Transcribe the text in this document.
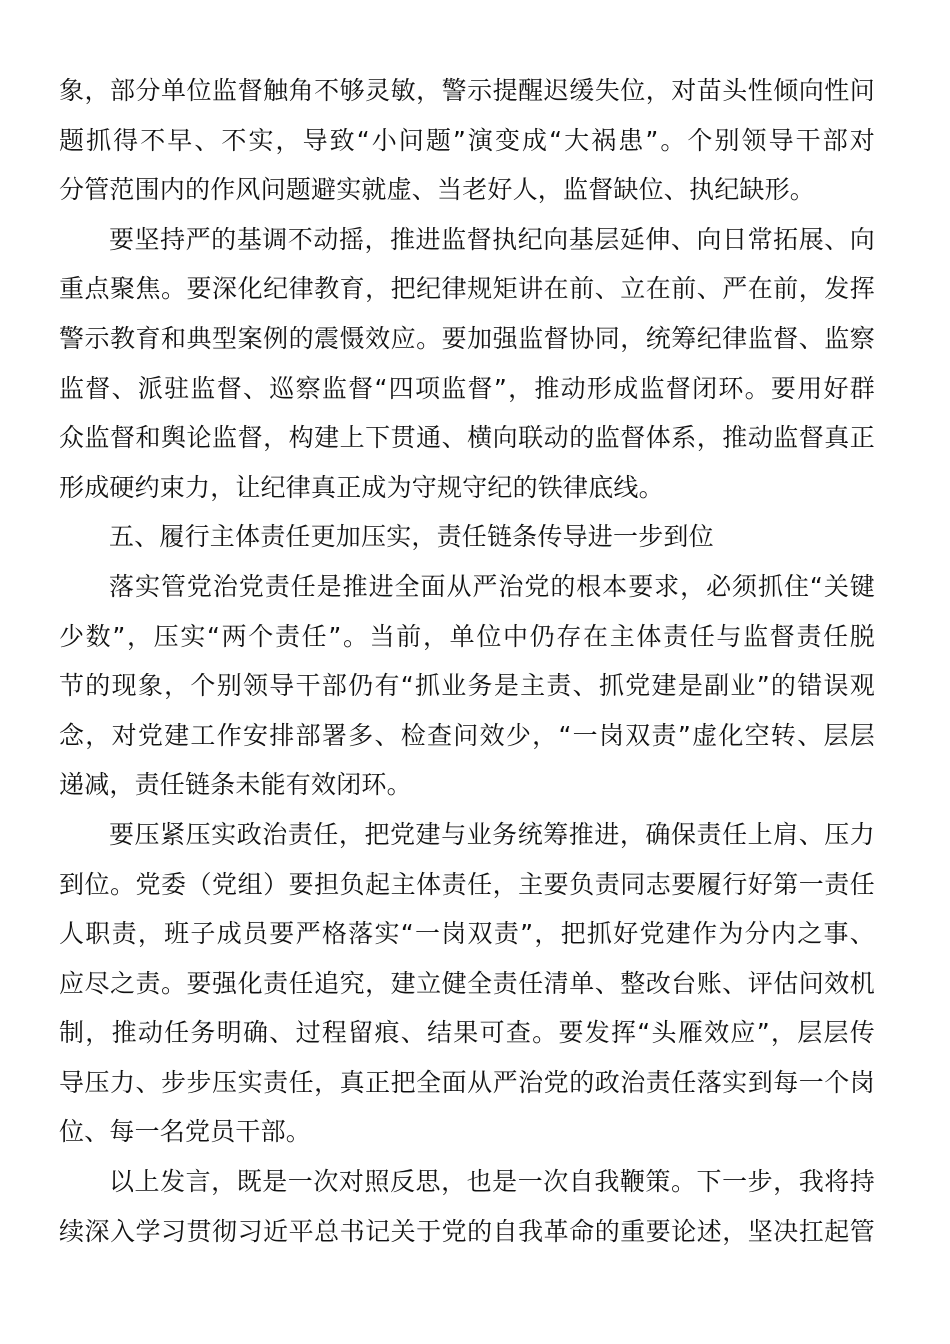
象，部分单位监督触角不够灵敏，警示提醒迟缓失位，对苗头性倾向性问
题抓得不早、不实，导致“小问题”演变成“大祸患”。个别领导干部对
分管范围内的作风问题避实就虚、当老好人，监督缺位、执纪缺形。
要坚持严的基调不动摇，推进监督执纪向基层延伸、向日常拓展、向
重点聚焦。要深化纪律教育，把纪律规矩讲在前、立在前、严在前，发挥
警示教育和典型案例的震慑效应。要加强监督协同，统筹纪律监督、监察
监督、派驻监督、巡察监督“四项监督”，推动形成监督闭环。要用好群
众监督和舆论监督，构建上下贯通、横向联动的监督体系，推动监督真正
形成硬约束力，让纪律真正成为守规守纪的铁律底线。
五、履行主体责任更加压实，责任链条传导进一步到位
落实管党治党责任是推进全面从严治党的根本要求，必须抓住“关键
少数”，压实“两个责任”。当前，单位中仍存在主体责任与监督责任脱
节的现象，个别领导干部仍有“抓业务是主责、抓党建是副业”的错误观
念，对党建工作安排部署多、检查问效少，“一岗双责”虚化空转、层层
递减，责任链条未能有效闭环。
要压紧压实政治责任，把党建与业务统筹推进，确保责任上肩、压力
到位。党委（党组）要担负起主体责任，主要负责同志要履行好第一责任
人职责，班子成员要严格落实“一岗双责”，把抓好党建作为分内之事、
应尽之责。要强化责任追究，建立健全责任清单、整改台账、评估问效机
制，推动任务明确、过程留痕、结果可查。要发挥“头雁效应”，层层传
导压力、步步压实责任，真正把全面从严治党的政治责任落实到每一个岗
位、每一名党员干部。
以上发言，既是一次对照反思，也是一次自我鞭策。下一步，我将持
续深入学习贯彻习近平总书记关于党的自我革命的重要论述，坚决扛起管
